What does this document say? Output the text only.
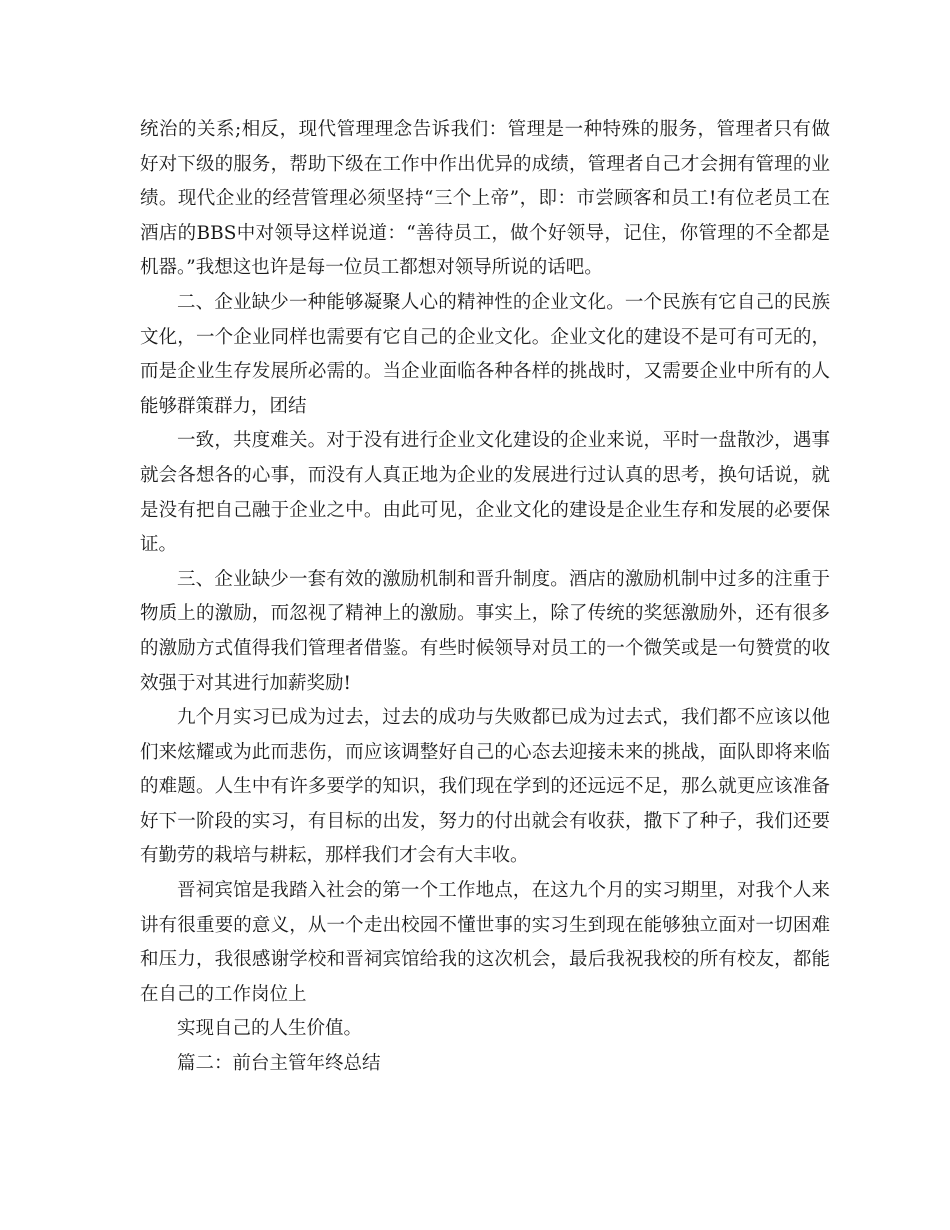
统治的关系;相反，现代管理理念告诉我们：管理是一种特殊的服务，管理者只有做好对下级的服务，帮助下级在工作中作出优异的成绩，管理者自己才会拥有管理的业绩。现代企业的经营管理必须坚持“三个上帝”，即：市尝顾客和员工!有位老员工在酒店的BBS中对领导这样说道：“善待员工，做个好领导，记住，你管理的不全都是机器。”我想这也许是每一位员工都想对领导所说的话吧。

二、企业缺少一种能够凝聚人心的精神性的企业文化。一个民族有它自己的民族文化，一个企业同样也需要有它自己的企业文化。企业文化的建设不是可有可无的，而是企业生存发展所必需的。当企业面临各种各样的挑战时，又需要企业中所有的人能够群策群力，团结

一致，共度难关。对于没有进行企业文化建设的企业来说，平时一盘散沙，遇事就会各想各的心事，而没有人真正地为企业的发展进行过认真的思考，换句话说，就是没有把自己融于企业之中。由此可见，企业文化的建设是企业生存和发展的必要保证。

三、企业缺少一套有效的激励机制和晋升制度。酒店的激励机制中过多的注重于物质上的激励，而忽视了精神上的激励。事实上，除了传统的奖惩激励外，还有很多的激励方式值得我们管理者借鉴。有些时候领导对员工的一个微笑或是一句赞赏的收效强于对其进行加薪奖励!

九个月实习已成为过去，过去的成功与失败都已成为过去式，我们都不应该以他们来炫耀或为此而悲伤，而应该调整好自己的心态去迎接未来的挑战，面队即将来临的难题。人生中有许多要学的知识，我们现在学到的还远远不足，那么就更应该准备好下一阶段的实习，有目标的出发，努力的付出就会有收获，撒下了种子，我们还要有勤劳的栽培与耕耘，那样我们才会有大丰收。

晋祠宾馆是我踏入社会的第一个工作地点，在这九个月的实习期里，对我个人来讲有很重要的意义，从一个走出校园不懂世事的实习生到现在能够独立面对一切困难和压力，我很感谢学校和晋祠宾馆给我的这次机会，最后我祝我校的所有校友，都能在自己的工作岗位上

实现自己的人生价值。

篇二：前台主管年终总结
